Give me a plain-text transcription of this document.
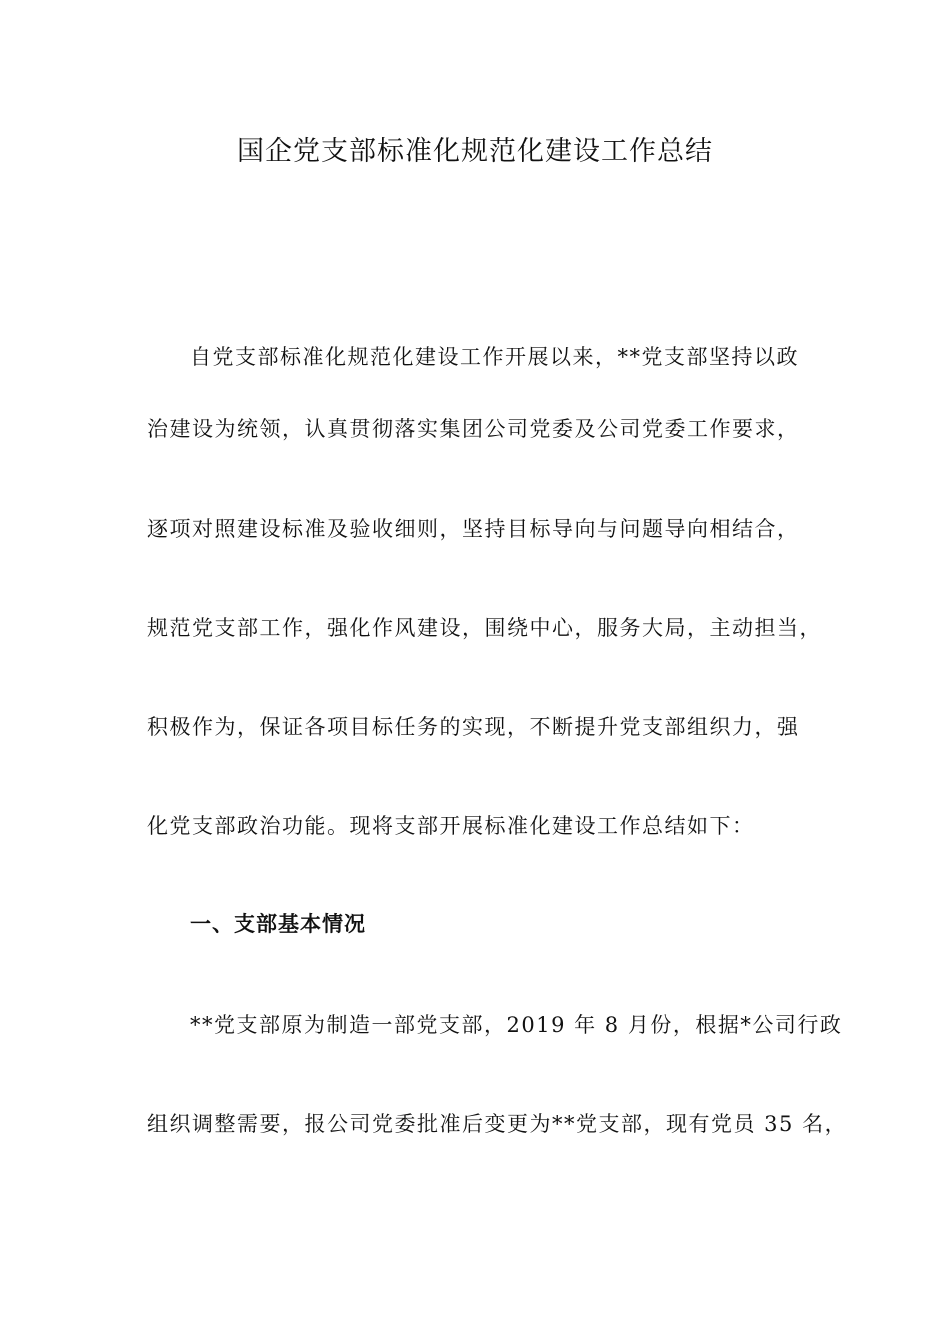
国企党支部标准化规范化建设工作总结
自党支部标准化规范化建设工作开展以来，**党支部坚持以政
治建设为统领，认真贯彻落实集团公司党委及公司党委工作要求，
逐项对照建设标准及验收细则，坚持目标导向与问题导向相结合，
规范党支部工作，强化作风建设，围绕中心，服务大局，主动担当，
积极作为，保证各项目标任务的实现，不断提升党支部组织力，强
化党支部政治功能。现将支部开展标准化建设工作总结如下：
一、支部基本情况
**党支部原为制造一部党支部，2019 年 8 月份，根据*公司行政
组织调整需要，报公司党委批准后变更为**党支部，现有党员 35 名，
